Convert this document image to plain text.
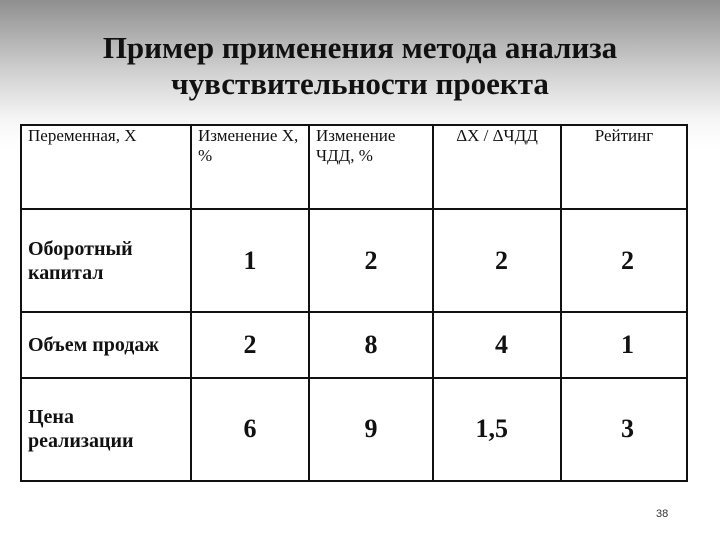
Пример применения метода анализа
чувствительности проекта
Переменная, X	Изменение X, %	Изменение ЧДД, %	ΔX / ΔЧДД	Рейтинг
Оборотный капитал	1	2	2	2
Объем продаж	2	8	4	1
Цена реализации	6	9	1,5	3
38
